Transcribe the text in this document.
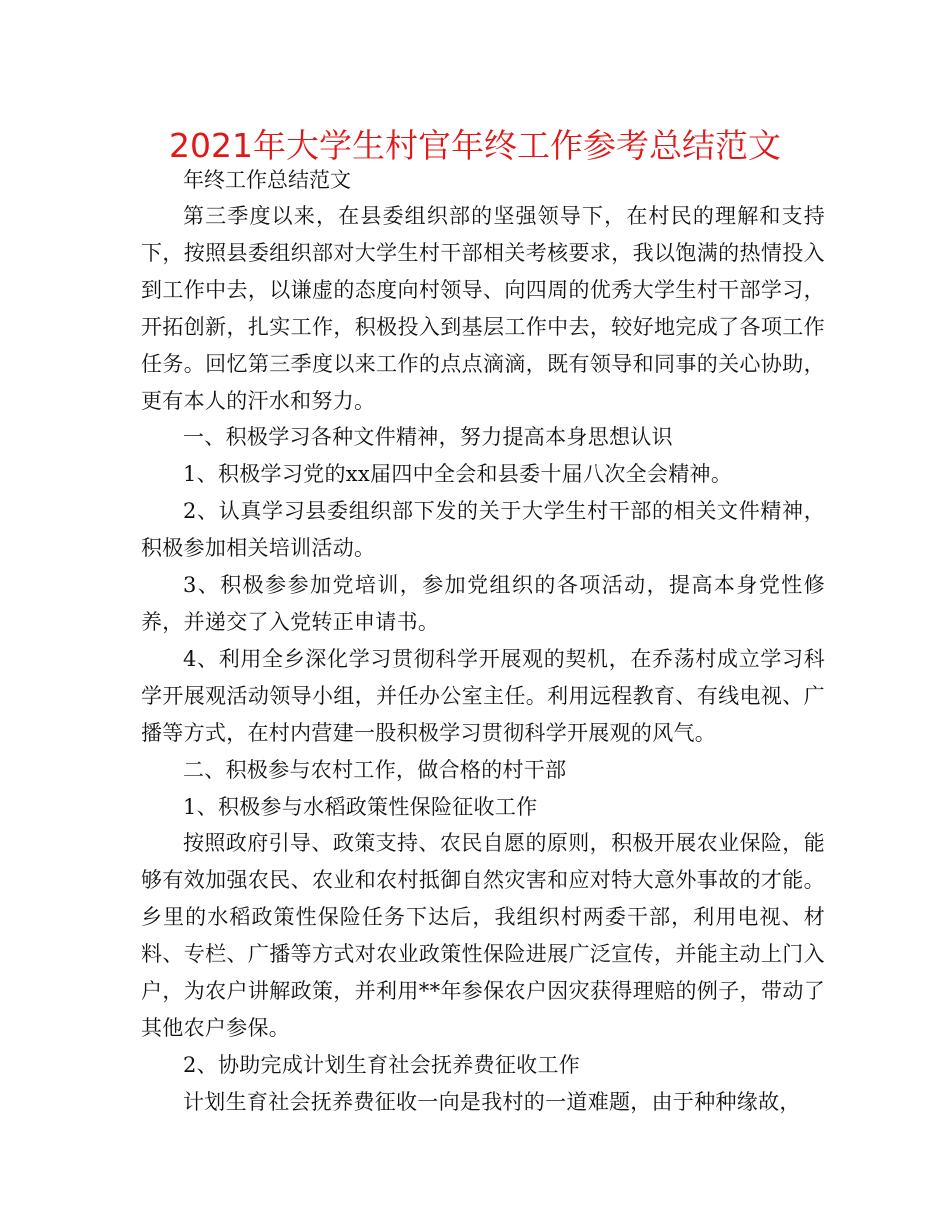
2021年大学生村官年终工作参考总结范文
年终工作总结范文

第三季度以来，在县委组织部的坚强领导下，在村民的理解和支持下，按照县委组织部对大学生村干部相关考核要求，我以饱满的热情投入到工作中去，以谦虚的态度向村领导、向四周的优秀大学生村干部学习，开拓创新，扎实工作，积极投入到基层工作中去，较好地完成了各项工作任务。回忆第三季度以来工作的点点滴滴，既有领导和同事的关心协助，更有本人的汗水和努力。

一、积极学习各种文件精神，努力提高本身思想认识

1、积极学习党的xx届四中全会和县委十届八次全会精神。

2、认真学习县委组织部下发的关于大学生村干部的相关文件精神，积极参加相关培训活动。

3、积极参参加党培训，参加党组织的各项活动，提高本身党性修养，并递交了入党转正申请书。

4、利用全乡深化学习贯彻科学开展观的契机，在乔荡村成立学习科学开展观活动领导小组，并任办公室主任。利用远程教育、有线电视、广播等方式，在村内营建一股积极学习贯彻科学开展观的风气。

二、积极参与农村工作，做合格的村干部

1、积极参与水稻政策性保险征收工作

按照政府引导、政策支持、农民自愿的原则，积极开展农业保险，能够有效加强农民、农业和农村抵御自然灾害和应对特大意外事故的才能。乡里的水稻政策性保险任务下达后，我组织村两委干部，利用电视、材料、专栏、广播等方式对农业政策性保险进展广泛宣传，并能主动上门入户，为农户讲解政策，并利用**年参保农户因灾获得理赔的例子，带动了其他农户参保。

2、协助完成计划生育社会抚养费征收工作

计划生育社会抚养费征收一向是我村的一道难题，由于种种缘故，
